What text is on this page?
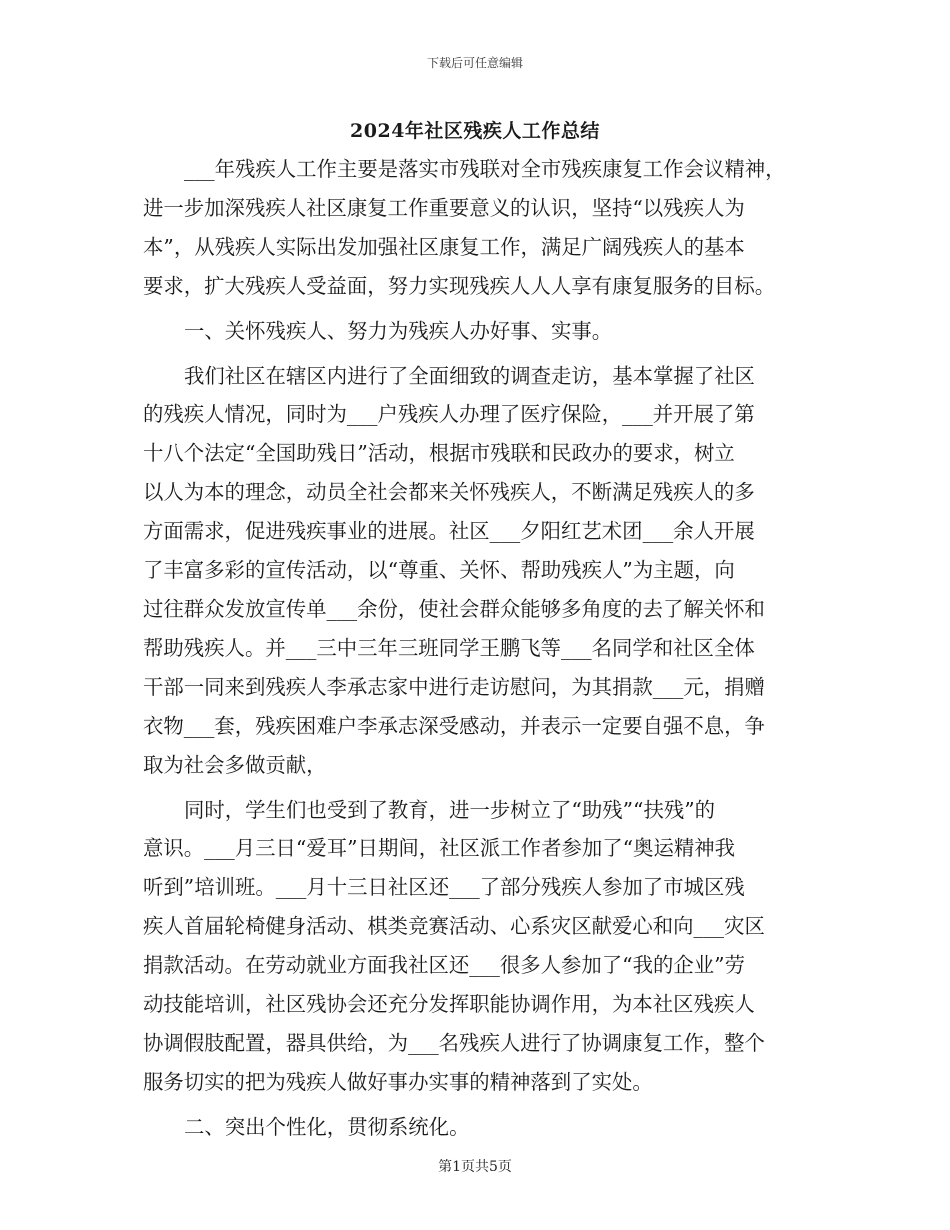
下载后可任意编辑
2024年社区残疾人工作总结
___年残疾人工作主要是落实市残联对全市残疾康复工作会议精神，
进一步加深残疾人社区康复工作重要意义的认识，坚持“以残疾人为
本”，从残疾人实际出发加强社区康复工作，满足广阔残疾人的基本
要求，扩大残疾人受益面，努力实现残疾人人人享有康复服务的目标。
一、关怀残疾人、努力为残疾人办好事、实事。
我们社区在辖区内进行了全面细致的调查走访，基本掌握了社区
的残疾人情况，同时为___户残疾人办理了医疗保险，___并开展了第
十八个法定“全国助残日”活动，根据市残联和民政办的要求，树立
以人为本的理念，动员全社会都来关怀残疾人，不断满足残疾人的多
方面需求，促进残疾事业的进展。社区___夕阳红艺术团___余人开展
了丰富多彩的宣传活动，以“尊重、关怀、帮助残疾人”为主题，向
过往群众发放宣传单___余份，使社会群众能够多角度的去了解关怀和
帮助残疾人。并___三中三年三班同学王鹏飞等___名同学和社区全体
干部一同来到残疾人李承志家中进行走访慰问，为其捐款___元，捐赠
衣物___套，残疾困难户李承志深受感动，并表示一定要自强不息，争
取为社会多做贡献，
同时，学生们也受到了教育，进一步树立了“助残”“扶残”的
意识。___月三日“爱耳”日期间，社区派工作者参加了“奥运精神我
听到”培训班。___月十三日社区还___了部分残疾人参加了市城区残
疾人首届轮椅健身活动、棋类竞赛活动、心系灾区献爱心和向___灾区
捐款活动。在劳动就业方面我社区还___很多人参加了“我的企业”劳
动技能培训，社区残协会还充分发挥职能协调作用，为本社区残疾人
协调假肢配置，器具供给，为___名残疾人进行了协调康复工作，整个
服务切实的把为残疾人做好事办实事的精神落到了实处。
二、突出个性化，贯彻系统化。
第1页共5页
